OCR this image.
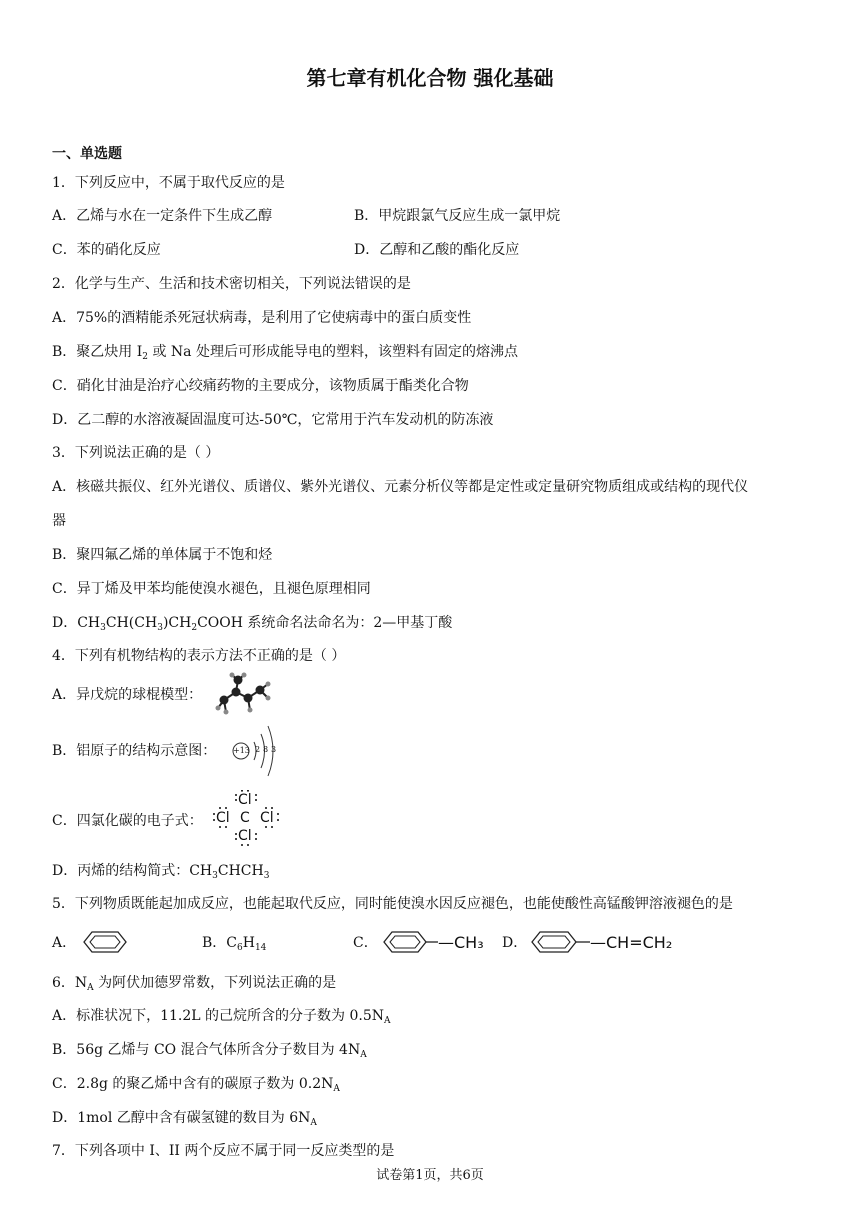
第七章有机化合物 强化基础
一、单选题
1．下列反应中，不属于取代反应的是
A．乙烯与水在一定条件下生成乙醇	B．甲烷跟氯气反应生成一氯甲烷
C．苯的硝化反应	D．乙醇和乙酸的酯化反应
2．化学与生产、生活和技术密切相关，下列说法错误的是
A．75%的酒精能杀死冠状病毒，是利用了它使病毒中的蛋白质变性
B．聚乙炔用 $I_2$ 或 Na 处理后可形成能导电的塑料，该塑料有固定的熔沸点
C．硝化甘油是治疗心绞痛药物的主要成分，该物质属于酯类化合物
D．乙二醇的水溶液凝固温度可达-50℃，它常用于汽车发动机的防冻液
3．下列说法正确的是（ ）
A．核磁共振仪、红外光谱仪、质谱仪、紫外光谱仪、元素分析仪等都是定性或定量研究物质组成或结构的现代仪
器
B．聚四氟乙烯的单体属于不饱和烃
C．异丁烯及甲苯均能使溴水褪色，且褪色原理相同
D．$CH_3CH(CH_3)CH_2COOH$ 系统命名法命名为：2—甲基丁酸
4．下列有机物结构的表示方法不正确的是（ ）
A．异戊烷的球棍模型：
B．铝原子的结构示意图： +13 2 8 3
C．四氯化碳的电子式：
Cl
Cl C Cl
Cl
D．丙烯的结构简式：$CH_3CHCH_3$
5．下列物质既能起加成反应，也能起取代反应，同时能使溴水因反应褪色，也能使酸性高锰酸钾溶液褪色的是
A．	B．$C_6H_{14}$	C．	—CH₃ D．	—CH=CH₂
6．$N_A$ 为阿伏加德罗常数，下列说法正确的是
A．标准状况下，11.2L 的己烷所含的分子数为 $0.5N_A$
B．56g 乙烯与 CO 混合气体所含分子数目为 $4N_A$
C．2.8g 的聚乙烯中含有的碳原子数为 $0.2N_A$
D．1mol 乙醇中含有碳氢键的数目为 $6N_A$
7．下列各项中 I、II 两个反应不属于同一反应类型的是
试卷第1页，共6页
